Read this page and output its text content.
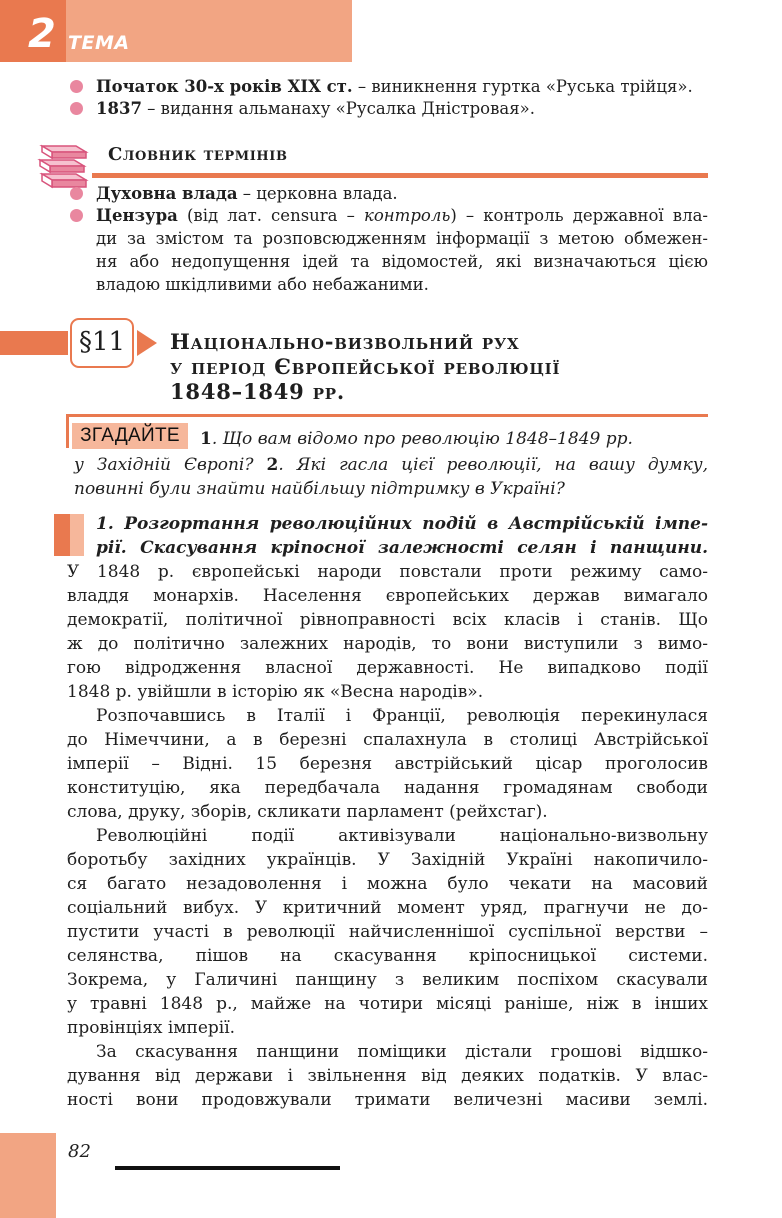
2 ТЕМА
Початок 30-х років XIX ст. – виникнення гуртка «Руська трійця».
1837 – видання альманаху «Русалка Дністровая».
Словник термінів
Духовна влада – церковна влада.
Цензура (від лат. censura – контроль) – контроль державної вла-
ди за змістом та розповсюдженням інформації з метою обмежен-
ня або недопущення ідей та відомостей, які визначаються цією
владою шкідливими або небажаними.
§11	Національно-визвольний рух
у період Європейської революції
1848–1849 рр.
ЗГАДАЙТЕ	1. Що вам відомо про революцію 1848–1849 рр.
у Західній Європі? 2. Які гасла цієї революції, на вашу думку,
повинні були знайти найбільшу підтримку в Україні?
1. Розгортання революційних подій в Австрійській імпе-
рії. Скасування кріпосної залежності селян і панщини.
У 1848 р. європейські народи повстали проти режиму само-
владдя монархів. Населення європейських держав вимагало
демократії, політичної рівноправності всіх класів і станів. Що
ж до політично залежних народів, то вони виступили з вимо-
гою відродження власної державності. Не випадково події
1848 р. увійшли в історію як «Весна народів».
Розпочавшись в Італії і Франції, революція перекинулася
до Німеччини, а в березні спалахнула в столиці Австрійської
імперії – Відні. 15 березня австрійський цісар проголосив
конституцію, яка передбачала надання громадянам свободи
слова, друку, зборів, скликати парламент (рейхстаг).
Революційні події активізували національно-визвольну
боротьбу західних українців. У Західній Україні накопичило-
ся багато незадоволення і можна було чекати на масовий
соціальний вибух. У критичний момент уряд, прагнучи не до-
пустити участі в революції найчисленнішої суспільної верстви –
селянства, пішов на скасування кріпосницької системи.
Зокрема, у Галичині панщину з великим поспіхом скасували
у травні 1848 р., майже на чотири місяці раніше, ніж в інших
провінціях імперії.
За скасування панщини поміщики дістали грошові відшко-
дування від держави і звільнення від деяких податків. У влас-
ності вони продовжували тримати величезні масиви землі.
82
